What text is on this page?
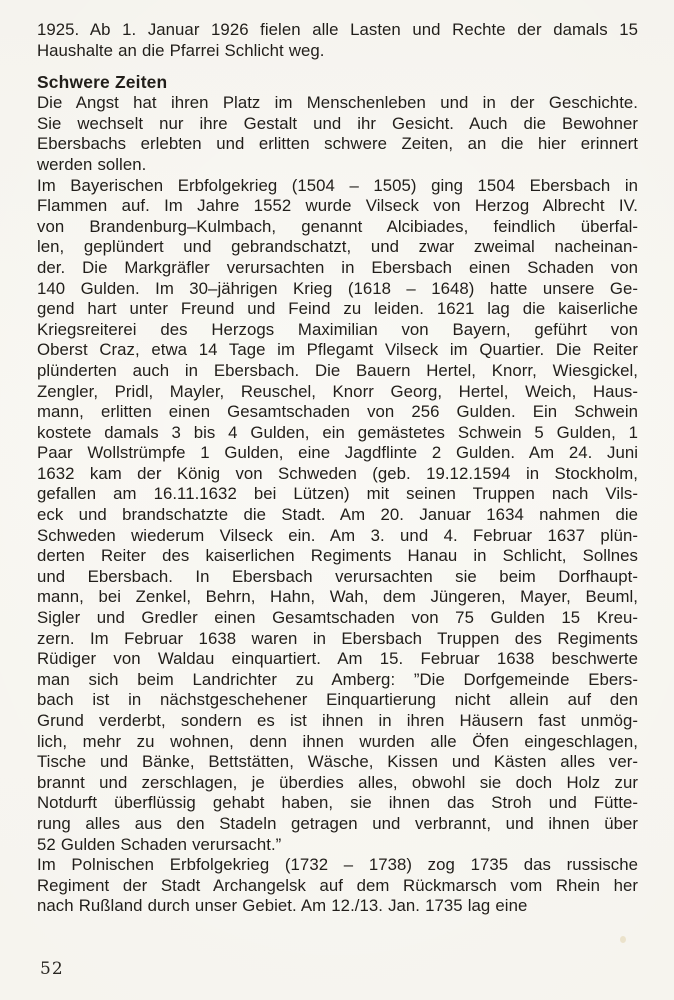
1925. Ab 1. Januar 1926 fielen alle Lasten und Rechte der damals 15
Haushalte an die Pfarrei Schlicht weg.
Schwere Zeiten
Die Angst hat ihren Platz im Menschenleben und in der Geschichte.
Sie wechselt nur ihre Gestalt und ihr Gesicht. Auch die Bewohner
Ebersbachs erlebten und erlitten schwere Zeiten, an die hier erinnert
werden sollen.
Im Bayerischen Erbfolgekrieg (1504 – 1505) ging 1504 Ebersbach in
Flammen auf. Im Jahre 1552 wurde Vilseck von Herzog Albrecht IV.
von Brandenburg–Kulmbach, genannt Alcibiades, feindlich überfal-
len, geplündert und gebrandschatzt, und zwar zweimal nacheinan-
der. Die Markgräfler verursachten in Ebersbach einen Schaden von
140 Gulden. Im 30–jährigen Krieg (1618 – 1648) hatte unsere Ge-
gend hart unter Freund und Feind zu leiden. 1621 lag die kaiserliche
Kriegsreiterei des Herzogs Maximilian von Bayern, geführt von
Oberst Craz, etwa 14 Tage im Pflegamt Vilseck im Quartier. Die Reiter
plünderten auch in Ebersbach. Die Bauern Hertel, Knorr, Wiesgickel,
Zengler, Pridl, Mayler, Reuschel, Knorr Georg, Hertel, Weich, Haus-
mann, erlitten einen Gesamtschaden von 256 Gulden. Ein Schwein
kostete damals 3 bis 4 Gulden, ein gemästetes Schwein 5 Gulden, 1
Paar Wollstrümpfe 1 Gulden, eine Jagdflinte 2 Gulden. Am 24. Juni
1632 kam der König von Schweden (geb. 19.12.1594 in Stockholm,
gefallen am 16.11.1632 bei Lützen) mit seinen Truppen nach Vils-
eck und brandschatzte die Stadt. Am 20. Januar 1634 nahmen die
Schweden wiederum Vilseck ein. Am 3. und 4. Februar 1637 plün-
derten Reiter des kaiserlichen Regiments Hanau in Schlicht, Sollnes
und Ebersbach. In Ebersbach verursachten sie beim Dorfhaupt-
mann, bei Zenkel, Behrn, Hahn, Wah, dem Jüngeren, Mayer, Beuml,
Sigler und Gredler einen Gesamtschaden von 75 Gulden 15 Kreu-
zern. Im Februar 1638 waren in Ebersbach Truppen des Regiments
Rüdiger von Waldau einquartiert. Am 15. Februar 1638 beschwerte
man sich beim Landrichter zu Amberg: ”Die Dorfgemeinde Ebers-
bach ist in nächstgeschehener Einquartierung nicht allein auf den
Grund verderbt, sondern es ist ihnen in ihren Häusern fast unmög-
lich, mehr zu wohnen, denn ihnen wurden alle Öfen eingeschlagen,
Tische und Bänke, Bettstätten, Wäsche, Kissen und Kästen alles ver-
brannt und zerschlagen, je überdies alles, obwohl sie doch Holz zur
Notdurft überflüssig gehabt haben, sie ihnen das Stroh und Fütte-
rung alles aus den Stadeln getragen und verbrannt, und ihnen über
52 Gulden Schaden verursacht.”
Im Polnischen Erbfolgekrieg (1732 – 1738) zog 1735 das russische
Regiment der Stadt Archangelsk auf dem Rückmarsch vom Rhein her
nach Rußland durch unser Gebiet. Am 12./13. Jan. 1735 lag eine
52
